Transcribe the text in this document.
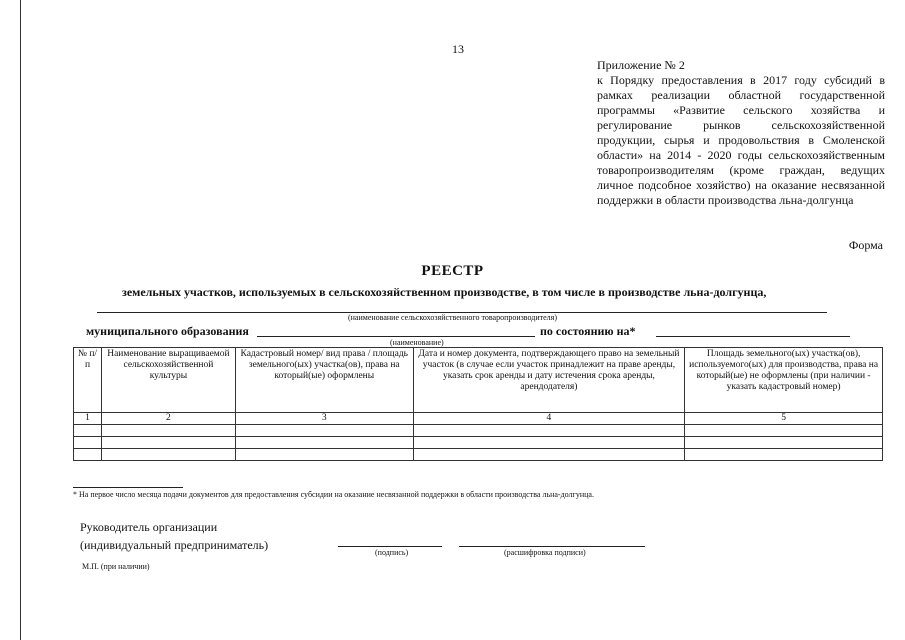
13
Приложение № 2
к Порядку предоставления в 2017 году субсидий в рамках реализации областной государственной программы «Развитие сельского хозяйства и регулирование рынков сельскохозяйственной продукции, сырья и продовольствия в Смоленской области» на 2014 - 2020 годы сельскохозяйственным товаропроизводителям (кроме граждан, ведущих личное подсобное хозяйство) на оказание несвязанной поддержки в области производства льна-долгунца
Форма
РЕЕСТР
земельных участков, используемых в сельскохозяйственном производстве, в том числе в производстве льна-долгунца,
(наименование сельскохозяйственного товаропроизводителя)
муниципального образования	по состоянию на*
(наименование)
№ п/п	Наименование выращиваемой сельскохозяйственной культуры	Кадастровый номер/ вид права / площадь земельного(ых) участка(ов), права на который(ые) оформлены	Дата и номер документа, подтверждающего право на земельный участок (в случае если участок принадлежит на праве аренды, указать срок аренды и дату истечения срока аренды, арендодателя)	Площадь земельного(ых) участка(ов), используемого(ых) для производства, права на который(ые) не оформлены (при наличии - указать кадастровый номер)
1	2	3	4	5

* На первое число месяца подачи документов для предоставления субсидии на оказание несвязанной поддержки в области производства льна-долгунца.
Руководитель организации
(индивидуальный предприниматель)
(подпись)	(расшифровка подписи)
М.П. (при наличии)
